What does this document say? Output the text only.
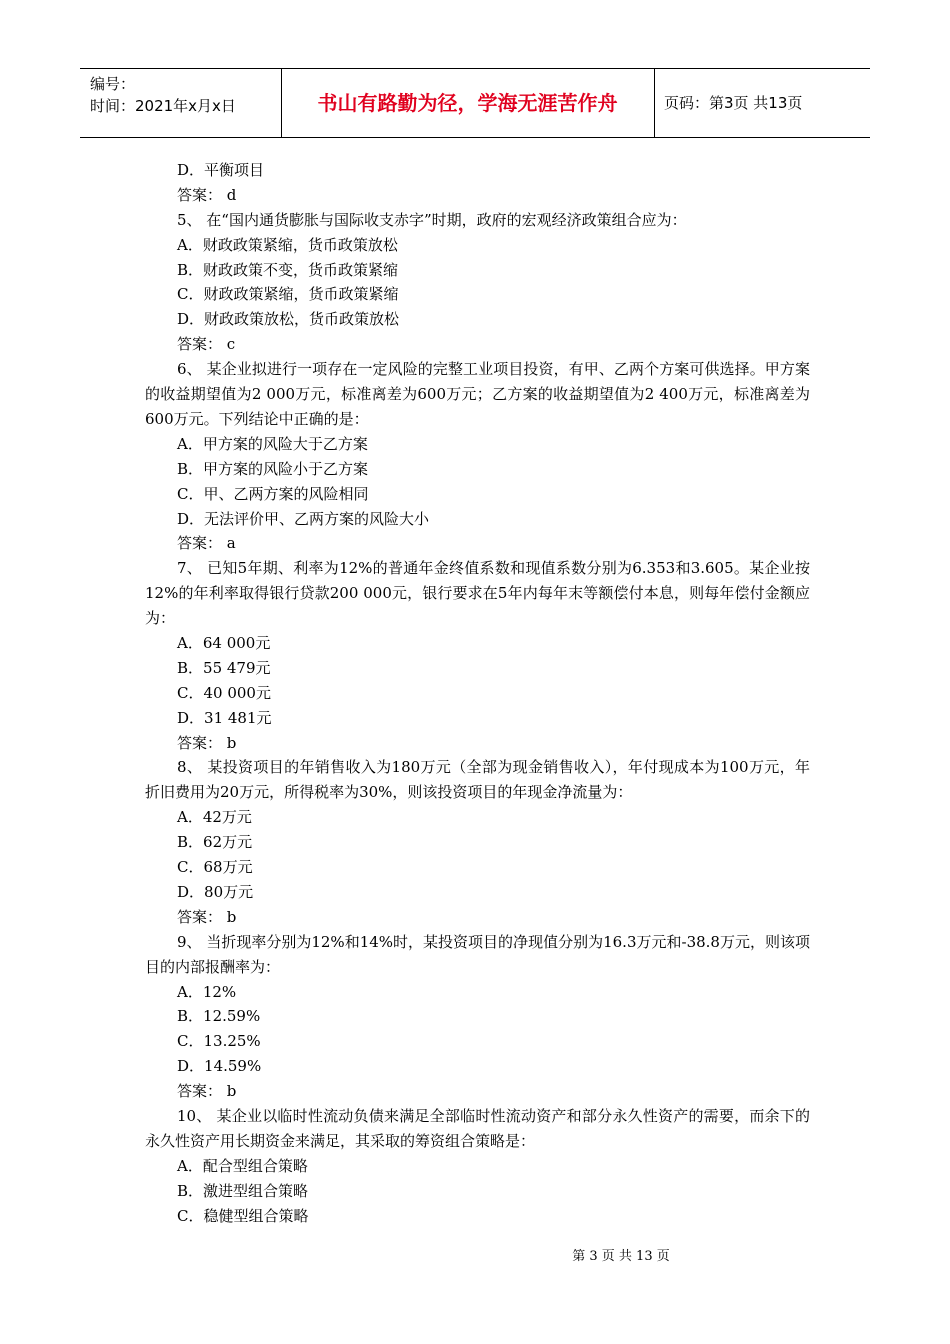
编号：
时间：2021年x月x日	书山有路勤为径，学海无涯苦作舟	页码：第3页 共13页
D．平衡项目
答案： d
5、 在“国内通货膨胀与国际收支赤字”时期，政府的宏观经济政策组合应为：
A．财政政策紧缩，货币政策放松
B．财政政策不变，货币政策紧缩
C．财政政策紧缩，货币政策紧缩
D．财政政策放松，货币政策放松
答案： c
6、 某企业拟进行一项存在一定风险的完整工业项目投资，有甲、乙两个方案可供选择。甲方案的收益期望值为2 000万元，标准离差为600万元；乙方案的收益期望值为2 400万元，标准离差为600万元。下列结论中正确的是：
A．甲方案的风险大于乙方案
B．甲方案的风险小于乙方案
C．甲、乙两方案的风险相同
D．无法评价甲、乙两方案的风险大小
答案： a
7、 已知5年期、利率为12%的普通年金终值系数和现值系数分别为6.353和3.605。某企业按12%的年利率取得银行贷款200 000元，银行要求在5年内每年末等额偿付本息，则每年偿付金额应为：
A．64 000元
B．55 479元
C．40 000元
D．31 481元
答案： b
8、 某投资项目的年销售收入为180万元（全部为现金销售收入），年付现成本为100万元，年折旧费用为20万元，所得税率为30%，则该投资项目的年现金净流量为：
A．42万元
B．62万元
C．68万元
D．80万元
答案： b
9、 当折现率分别为12%和14%时，某投资项目的净现值分别为16.3万元和-38.8万元，则该项目的内部报酬率为：
A．12%
B．12.59%
C．13.25%
D．14.59%
答案： b
10、 某企业以临时性流动负债来满足全部临时性流动资产和部分永久性资产的需要，而余下的永久性资产用长期资金来满足，其采取的筹资组合策略是：
A．配合型组合策略
B．激进型组合策略
C．稳健型组合策略
第 3 页 共 13 页
